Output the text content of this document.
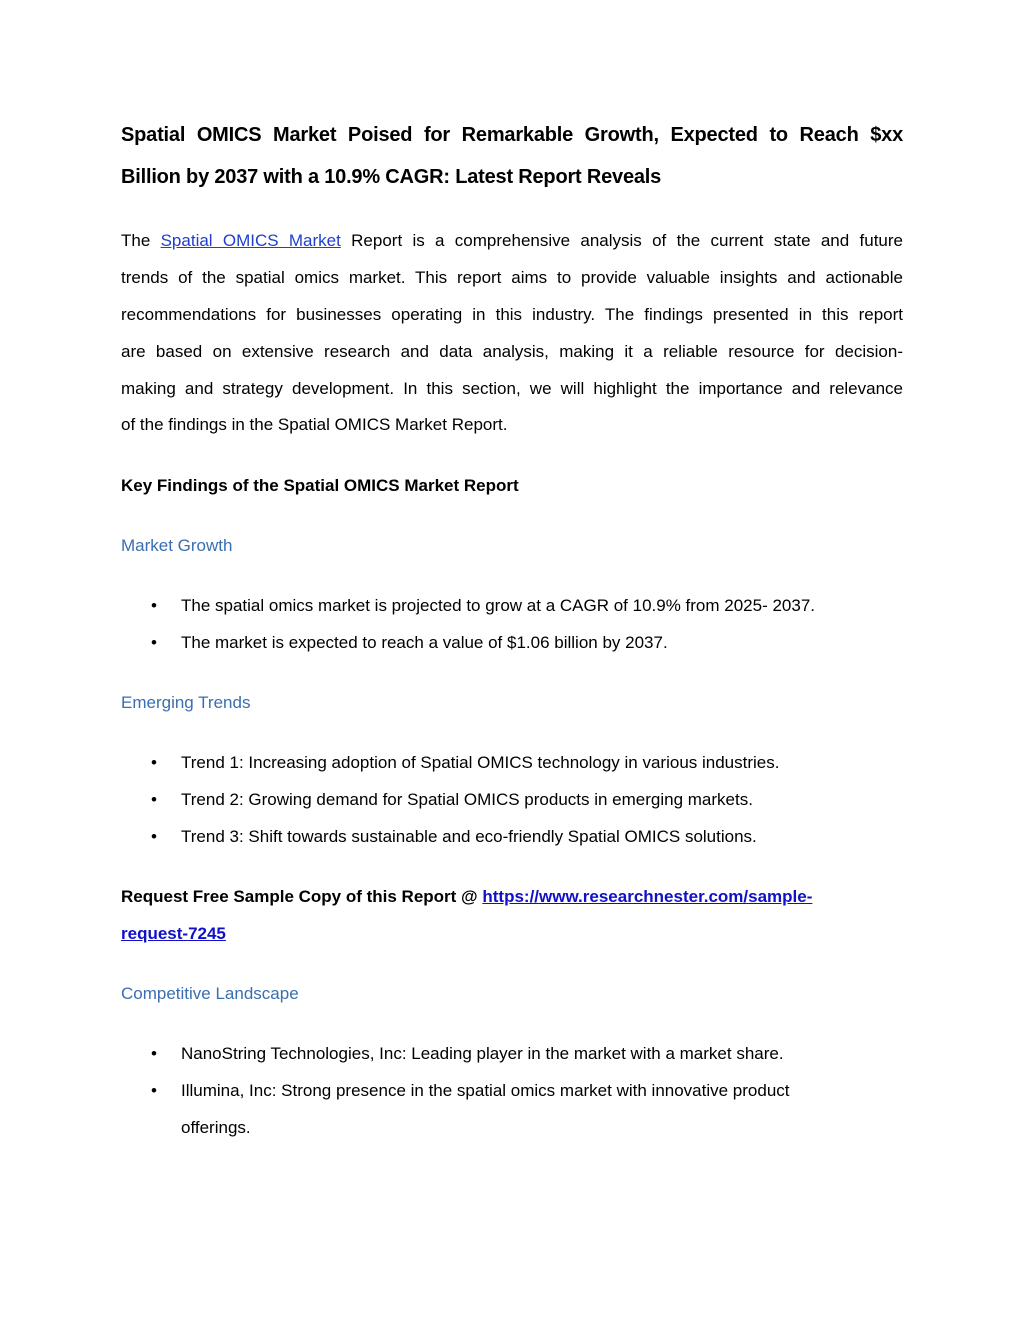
Spatial OMICS Market Poised for Remarkable Growth, Expected to Reach $xx
Billion by 2037 with a 10.9% CAGR: Latest Report Reveals

The Spatial OMICS Market Report is a comprehensive analysis of the current state and future

trends of the spatial omics market. This report aims to provide valuable insights and actionable

recommendations for businesses operating in this industry. The findings presented in this report

are based on extensive research and data analysis, making it a reliable resource for decision-

making and strategy development. In this section, we will highlight the importance and relevance

of the findings in the Spatial OMICS Market Report.

Key Findings of the Spatial OMICS Market Report

Market Growth

• The spatial omics market is projected to grow at a CAGR of 10.9% from 2025- 2037.
• The market is expected to reach a value of $1.06 billion by 2037.

Emerging Trends

• Trend 1: Increasing adoption of Spatial OMICS technology in various industries.
• Trend 2: Growing demand for Spatial OMICS products in emerging markets.
• Trend 3: Shift towards sustainable and eco-friendly Spatial OMICS solutions.

Request Free Sample Copy of this Report @ https://www.researchnester.com/sample-

request-7245

Competitive Landscape

• NanoString Technologies, Inc: Leading player in the market with a market share.
• Illumina, Inc: Strong presence in the spatial omics market with innovative product

offerings.
